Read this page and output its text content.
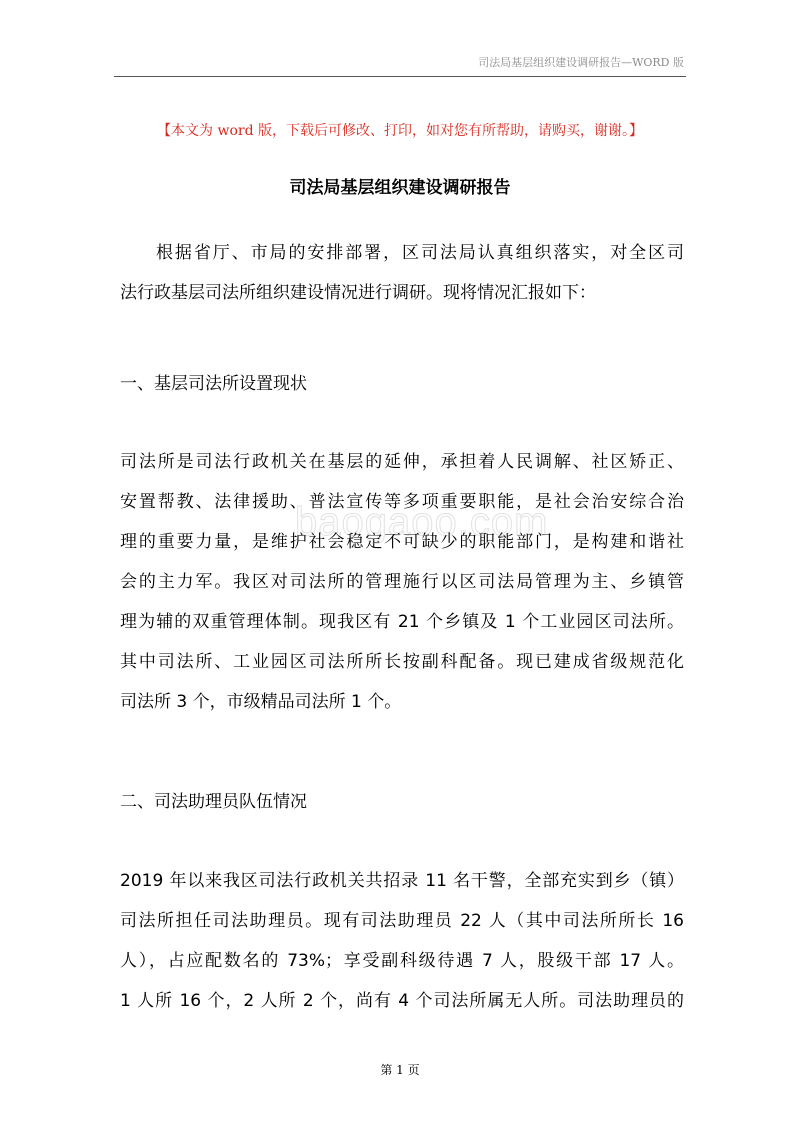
司法局基层组织建设调研报告—WORD 版
【本文为 word 版，下载后可修改、打印，如对您有所帮助，请购买，谢谢。】
司法局基层组织建设调研报告
根据省厅、市局的安排部署，区司法局认真组织落实，对全区司
法行政基层司法所组织建设情况进行调研。现将情况汇报如下：
一、基层司法所设置现状
司法所是司法行政机关在基层的延伸，承担着人民调解、社区矫正、
安置帮教、法律援助、普法宣传等多项重要职能，是社会治安综合治
理的重要力量，是维护社会稳定不可缺少的职能部门，是构建和谐社
会的主力军。我区对司法所的管理施行以区司法局管理为主、乡镇管
理为辅的双重管理体制。现我区有 21 个乡镇及 1 个工业园区司法所。
其中司法所、工业园区司法所所长按副科配备。现已建成省级规范化
司法所 3 个，市级精品司法所 1 个。
二、司法助理员队伍情况
2019 年以来我区司法行政机关共招录 11 名干警，全部充实到乡（镇）
司法所担任司法助理员。现有司法助理员 22 人（其中司法所所长 16
人），占应配数名的 73%；享受副科级待遇 7 人，股级干部 17 人。
1 人所 16 个，2 人所 2 个，尚有 4 个司法所属无人所。司法助理员的
baogaoo.com
第 1 页
